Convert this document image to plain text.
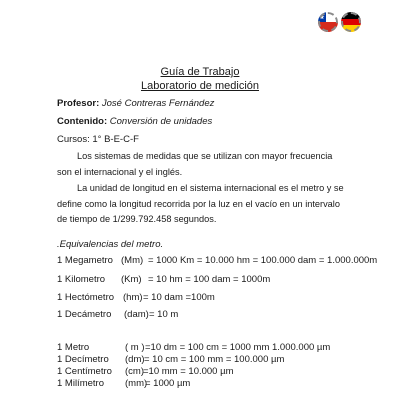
Guía de Trabajo
Laboratorio de medición
Profesor: José Contreras Fernández
Contenido: Conversión de unidades
Cursos: 1° B-E-C-F
Los sistemas de medidas que se utilizan con mayor frecuencia son el internacional y el inglés.
La unidad de longitud en el sistema internacional es el metro y se define como la longitud recorrida por la luz en el vacío en un intervalo de tiempo de 1/299.792.458 segundos.
.Equivalencias del metro.
1 Megametro (Mm) = 1000 Km = 10.000 hm = 100.000 dam = 1.000.000m
1 Kilometro (Km) = 10 hm = 100 dam = 1000m
1 Hectómetro (hm) = 10 dam =100m
1 Decámetro (dam) = 10 m
1 Metro	( m ) =10 dm = 100 cm = 1000 mm 1.000.000 µm
1 Decímetro (dm) = 10 cm = 100 mm = 100.000 µm
1 Centímetro (cm) =10 mm = 10.000 µm
1 Milímetro (mm)
= 1000 µm
